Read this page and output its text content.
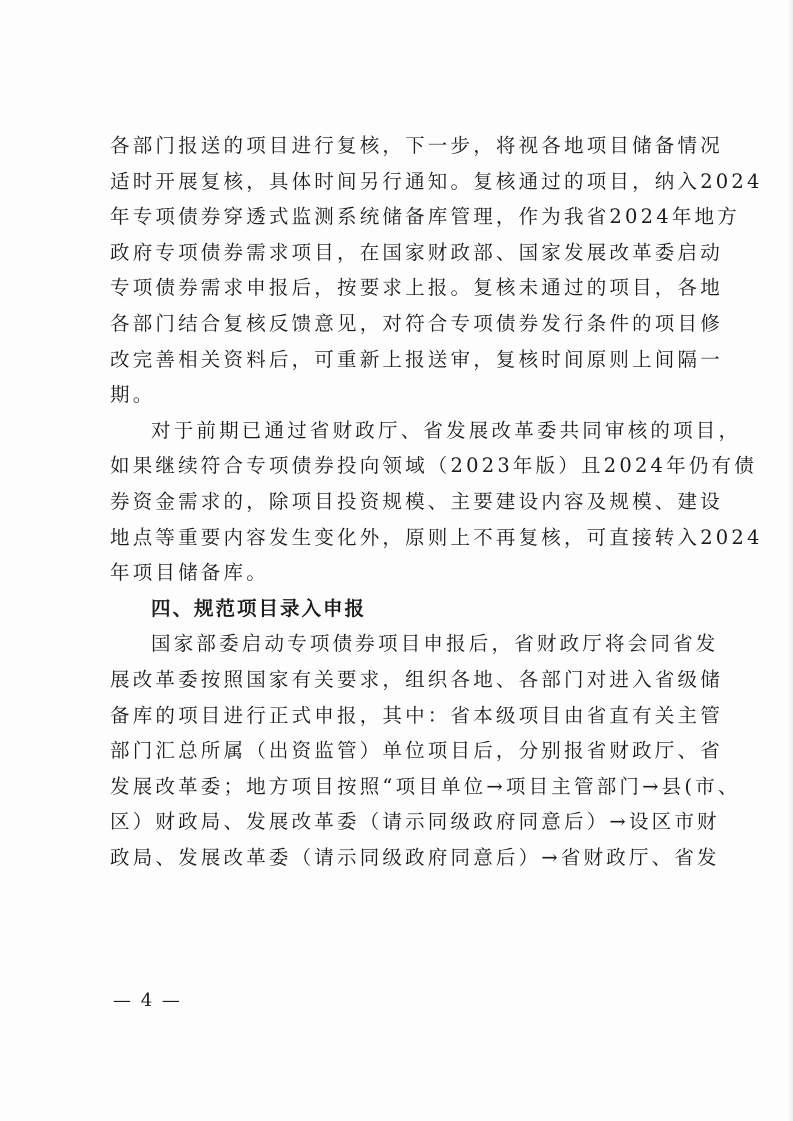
各部门报送的项目进行复核，下一步，将视各地项目储备情况
适时开展复核，具体时间另行通知。复核通过的项目，纳入2024
年专项债券穿透式监测系统储备库管理，作为我省2024年地方
政府专项债券需求项目，在国家财政部、国家发展改革委启动
专项债券需求申报后，按要求上报。复核未通过的项目，各地
各部门结合复核反馈意见，对符合专项债券发行条件的项目修
改完善相关资料后，可重新上报送审，复核时间原则上间隔一
期。
对于前期已通过省财政厅、省发展改革委共同审核的项目，
如果继续符合专项债券投向领域（2023年版）且2024年仍有债
券资金需求的，除项目投资规模、主要建设内容及规模、建设
地点等重要内容发生变化外，原则上不再复核，可直接转入2024
年项目储备库。
四、规范项目录入申报
国家部委启动专项债券项目申报后，省财政厅将会同省发
展改革委按照国家有关要求，组织各地、各部门对进入省级储
备库的项目进行正式申报，其中：省本级项目由省直有关主管
部门汇总所属（出资监管）单位项目后，分别报省财政厅、省
发展改革委；地方项目按照“项目单位→项目主管部门→县(市、
区）财政局、发展改革委（请示同级政府同意后）→设区市财
政局、发展改革委（请示同级政府同意后）→省财政厅、省发
— 4 —
